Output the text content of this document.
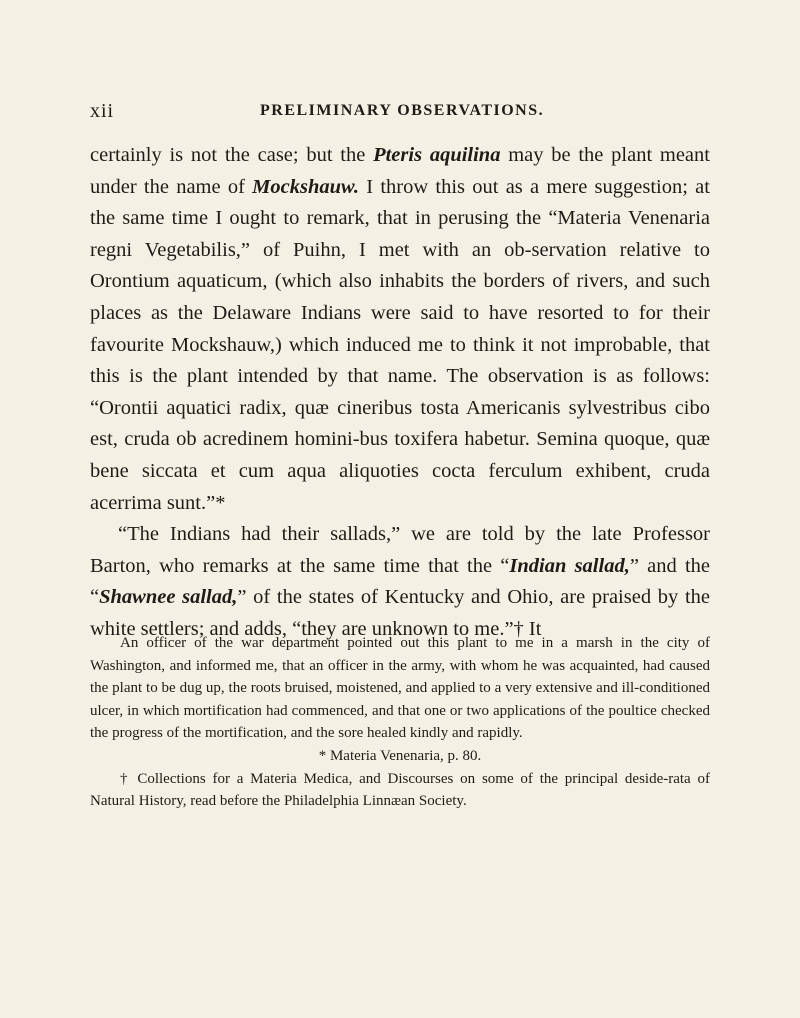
xii	PRELIMINARY OBSERVATIONS.

certainly is not the case; but the Pteris aquilina may be the plant meant under the name of Mockshauw. I throw this out as a mere suggestion; at the same time I ought to remark, that in perusing the “Materia Venenaria regni Vegetabilis,” of Puihn, I met with an ob-servation relative to Orontium aquaticum, (which also inhabits the borders of rivers, and such places as the Delaware Indians were said to have resorted to for their favourite Mockshauw,) which induced me to think it not improbable, that this is the plant intended by that name. The observation is as follows: “Orontii aquatici radix, quæ cineribus tosta Americanis sylvestribus cibo est, cruda ob acredinem homini-bus toxifera habetur. Semina quoque, quæ bene siccata et cum aqua aliquoties cocta ferculum exhibent, cruda acerrima sunt.”*

“The Indians had their sallads,” we are told by the late Professor Barton, who remarks at the same time that the “Indian sallad,” and the “Shawnee sallad,” of the states of Kentucky and Ohio, are praised by the white settlers; and adds, “they are unknown to me.”† It

An officer of the war department pointed out this plant to me in a marsh in the city of Washington, and informed me, that an officer in the army, with whom he was acquainted, had caused the plant to be dug up, the roots bruised, moistened, and applied to a very extensive and ill-conditioned ulcer, in which mortification had commenced, and that one or two applications of the poultice checked the progress of the mortification, and the sore healed kindly and rapidly.

* Materia Venenaria, p. 80.

† Collections for a Materia Medica, and Discourses on some of the principal deside-rata of Natural History, read before the Philadelphia Linnæan Society.
